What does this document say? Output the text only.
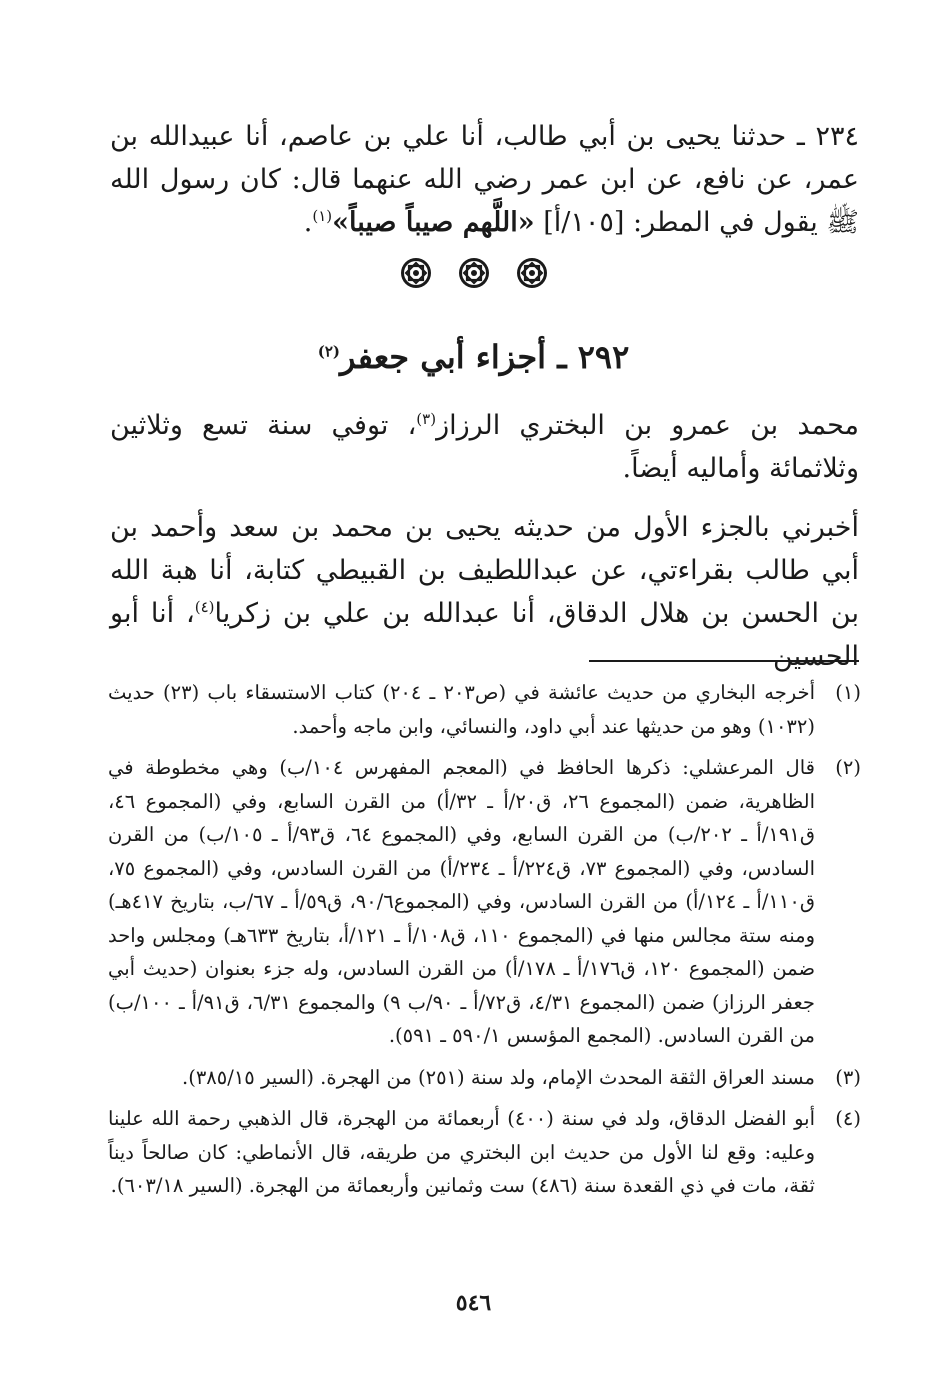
٢٣٤ ـ حدثنا يحيى بن أبي طالب، أنا علي بن عاصم، أنا عبيدالله بن عمر، عن نافع، عن ابن عمر رضي الله عنهما قال: كان رسول الله ﷺ يقول في المطر: [١٠٥/أ] «اللَّهم صيباً صيباً»$^{(١)}$.

٢٩٢ ـ أجزاء أبي جعفر$^{(٢)}$

محمد بن عمرو بن البختري الرزاز$^{(٣)}$، توفي سنة تسع وثلاثين وثلاثمائة وأماليه أيضاً.

أخبرني بالجزء الأول من حديثه يحيى بن محمد بن سعد وأحمد بن أبي طالب بقراءتي، عن عبداللطيف بن القبيطي كتابة، أنا هبة الله بن الحسن بن هلال الدقاق، أنا عبدالله بن علي بن زكريا$^{(٤)}$، أنا أبو الحسين

(١)
أخرجه البخاري من حديث عائشة في (ص٢٠٣ ـ ٢٠٤) كتاب الاستسقاء باب (٢٣) حديث (١٠٣٢) وهو من حديثها عند أبي داود، والنسائي، وابن ماجه وأحمد.
(٢)
قال المرعشلي: ذكرها الحافظ في (المعجم المفهرس ١٠٤/ب) وهي مخطوطة في الظاهرية، ضمن (المجموع ٢٦، ق٢٠/أ ـ ٣٢/أ) من القرن السابع، وفي (المجموع ٤٦، ق١٩١/أ ـ ٢٠٢/ب) من القرن السابع، وفي (المجموع ٦٤، ق٩٣/أ ـ ١٠٥/ب) من القرن السادس، وفي (المجموع ٧٣، ق٢٢٤/أ ـ ٢٣٤/أ) من القرن السادس، وفي (المجموع ٧٥، ق١١٠/أ ـ ١٢٤/أ) من القرن السادس، وفي (المجموع٩٠/٦، ق٥٩/أ ـ ٦٧/ب، بتاريخ ٤١٧هـ) ومنه ستة مجالس منها في (المجموع ١١٠، ق١٠٨/أ ـ ١٢١/أ، بتاريخ ٦٣٣هـ) ومجلس واحد ضمن (المجموع ١٢٠، ق١٧٦/أ ـ ١٧٨/أ) من القرن السادس، وله جزء بعنوان (حديث أبي جعفر الرزاز) ضمن (المجموع ٤/٣١، ق٧٢/أ ـ ٩٠/ب ٩) والمجموع ٦/٣١، ق٩١/أ ـ ١٠٠/ب) من القرن السادس. (المجمع المؤسس ٥٩٠/١ ـ ٥٩١).
(٣)
مسند العراق الثقة المحدث الإمام، ولد سنة (٢٥١) من الهجرة. (السير ٣٨٥/١٥).
(٤)
أبو الفضل الدقاق، ولد في سنة (٤٠٠) أربعمائة من الهجرة، قال الذهبي رحمة الله علينا وعليه: وقع لنا الأول من حديث ابن البختري من طريقه، قال الأنماطي: كان صالحاً ديناً ثقة، مات في ذي القعدة سنة (٤٨٦) ست وثمانين وأربعمائة من الهجرة. (السير ٦٠٣/١٨).
٥٤٦
